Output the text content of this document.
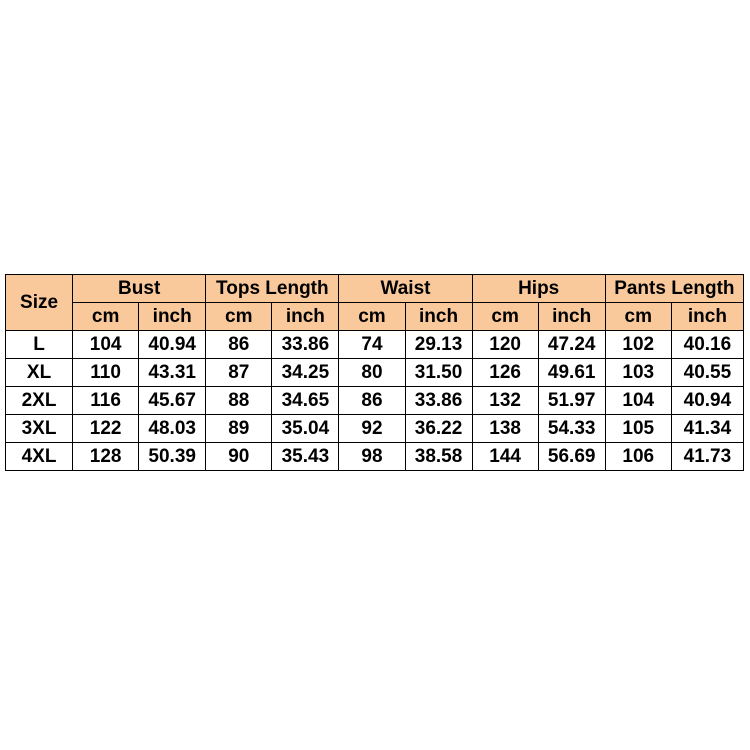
Size	Bust		Tops Length		Waist		Hips		Pants Length	
	cm	inch	cm	inch	cm	inch	cm	inch	cm	inch
L	104	40.94	86	33.86	74	29.13	120	47.24	102	40.16
XL	110	43.31	87	34.25	80	31.50	126	49.61	103	40.55
2XL	116	45.67	88	34.65	86	33.86	132	51.97	104	40.94
3XL	122	48.03	89	35.04	92	36.22	138	54.33	105	41.34
4XL	128	50.39	90	35.43	98	38.58	144	56.69	106	41.73
